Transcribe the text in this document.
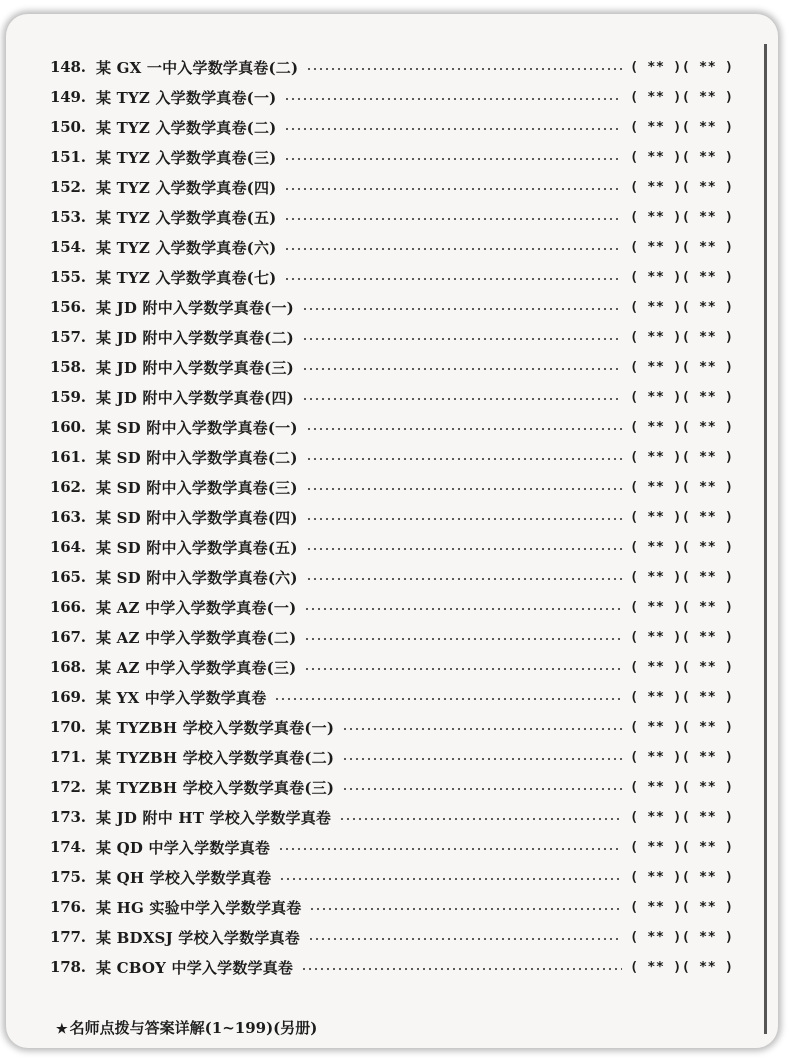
148. 某 GX 一中入学数学真卷(二)	( ** )( ** )
149. 某 TYZ 入学数学真卷(一)	( ** )( ** )
150. 某 TYZ 入学数学真卷(二)	( ** )( ** )
151. 某 TYZ 入学数学真卷(三)	( ** )( ** )
152. 某 TYZ 入学数学真卷(四)	( ** )( ** )
153. 某 TYZ 入学数学真卷(五)	( ** )( ** )
154. 某 TYZ 入学数学真卷(六)	( ** )( ** )
155. 某 TYZ 入学数学真卷(七)	( ** )( ** )
156. 某 JD 附中入学数学真卷(一)	( ** )( ** )
157. 某 JD 附中入学数学真卷(二)	( ** )( ** )
158. 某 JD 附中入学数学真卷(三)	( ** )( ** )
159. 某 JD 附中入学数学真卷(四)	( ** )( ** )
160. 某 SD 附中入学数学真卷(一)	( ** )( ** )
161. 某 SD 附中入学数学真卷(二)	( ** )( ** )
162. 某 SD 附中入学数学真卷(三)	( ** )( ** )
163. 某 SD 附中入学数学真卷(四)	( ** )( ** )
164. 某 SD 附中入学数学真卷(五)	( ** )( ** )
165. 某 SD 附中入学数学真卷(六)	( ** )( ** )
166. 某 AZ 中学入学数学真卷(一)	( ** )( ** )
167. 某 AZ 中学入学数学真卷(二)	( ** )( ** )
168. 某 AZ 中学入学数学真卷(三)	( ** )( ** )
169. 某 YX 中学入学数学真卷	( ** )( ** )
170. 某 TYZBH 学校入学数学真卷(一)	( ** )( ** )
171. 某 TYZBH 学校入学数学真卷(二)	( ** )( ** )
172. 某 TYZBH 学校入学数学真卷(三)	( ** )( ** )
173. 某 JD 附中 HT 学校入学数学真卷	( ** )( ** )
174. 某 QD 中学入学数学真卷	( ** )( ** )
175. 某 QH 学校入学数学真卷	( ** )( ** )
176. 某 HG 实验中学入学数学真卷	( ** )( ** )
177. 某 BDXSJ 学校入学数学真卷	( ** )( ** )
178. 某 CBOY 中学入学数学真卷	( ** )( ** )
★ 名师点拨与答案详解(1~199)(另册)
